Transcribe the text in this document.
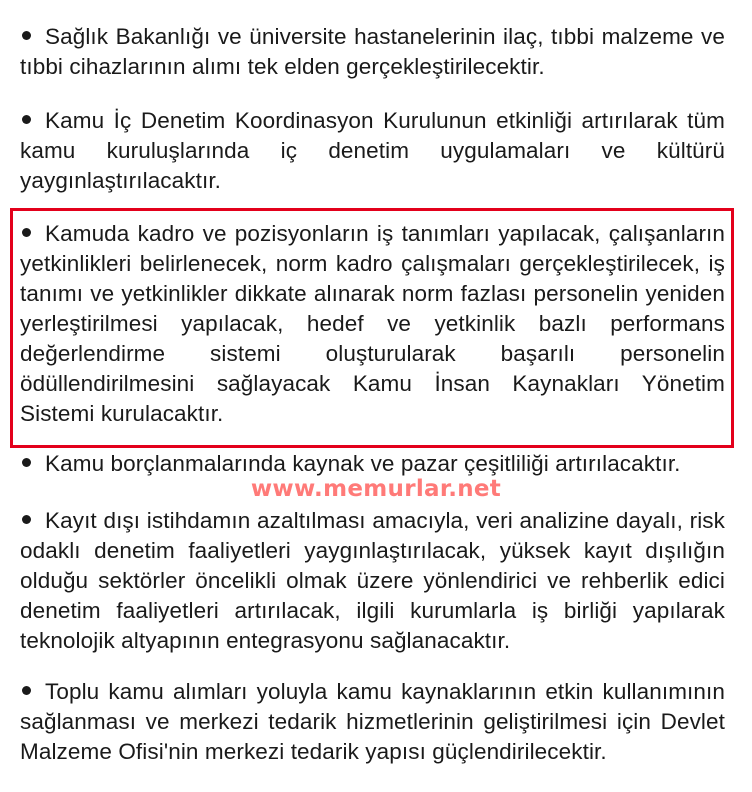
Sağlık Bakanlığı ve üniversite hastanelerinin ilaç, tıbbi malzeme ve tıbbi cihazlarının alımı tek elden gerçekleştirilecektir.
Kamu İç Denetim Koordinasyon Kurulunun etkinliği artırılarak tüm kamu kuruluşlarında iç denetim uygulamaları ve kültürü yaygınlaştırılacaktır.
Kamuda kadro ve pozisyonların iş tanımları yapılacak, çalışanların yetkinlikleri belirlenecek, norm kadro çalışmaları gerçekleştirilecek, iş tanımı ve yetkinlikler dikkate alınarak norm fazlası personelin yeniden yerleştirilmesi yapılacak, hedef ve yetkinlik bazlı performans değerlendirme sistemi oluşturularak başarılı personelin ödüllendirilmesini sağlayacak Kamu İnsan Kaynakları Yönetim Sistemi kurulacaktır.
Kamu borçlanmalarında kaynak ve pazar çeşitliliği artırılacaktır.
www.memurlar.net
Kayıt dışı istihdamın azaltılması amacıyla, veri analizine dayalı, risk odaklı denetim faaliyetleri yaygınlaştırılacak, yüksek kayıt dışılığın olduğu sektörler öncelikli olmak üzere yönlendirici ve rehberlik edici denetim faaliyetleri artırılacak, ilgili kurumlarla iş birliği yapılarak teknolojik altyapının entegrasyonu sağlanacaktır.
Toplu kamu alımları yoluyla kamu kaynaklarının etkin kullanımının sağlanması ve merkezi tedarik hizmetlerinin geliştirilmesi için Devlet Malzeme Ofisi'nin merkezi tedarik yapısı güçlendirilecektir.
